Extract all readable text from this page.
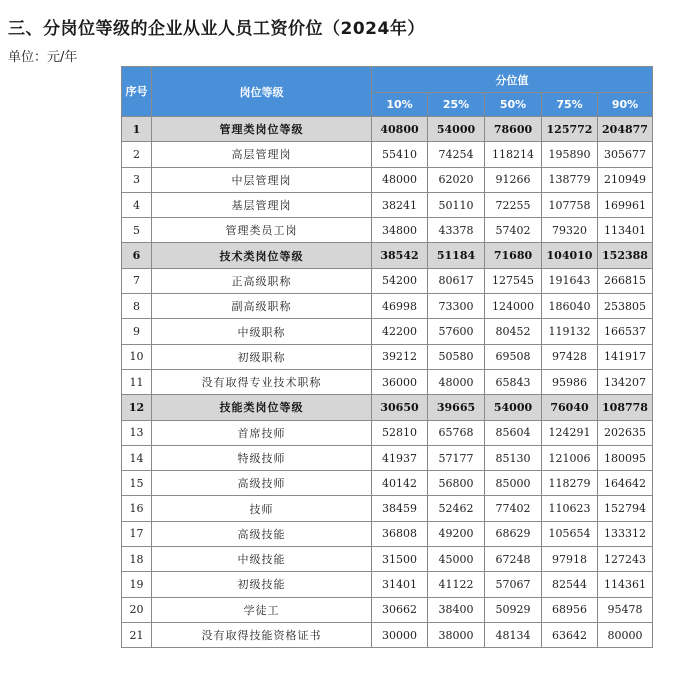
三、分岗位等级的企业从业人员工资价位（2024年）
单位：元/年
序号	岗位等级	分位值				
		10%	25%	50%	75%	90%
1	管理类岗位等级	40800	54000	78600	125772	204877
2	高层管理岗	55410	74254	118214	195890	305677
3	中层管理岗	48000	62020	91266	138779	210949
4	基层管理岗	38241	50110	72255	107758	169961
5	管理类员工岗	34800	43378	57402	79320	113401
6	技术类岗位等级	38542	51184	71680	104010	152388
7	正高级职称	54200	80617	127545	191643	266815
8	副高级职称	46998	73300	124000	186040	253805
9	中级职称	42200	57600	80452	119132	166537
10	初级职称	39212	50580	69508	97428	141917
11	没有取得专业技术职称	36000	48000	65843	95986	134207
12	技能类岗位等级	30650	39665	54000	76040	108778
13	首席技师	52810	65768	85604	124291	202635
14	特级技师	41937	57177	85130	121006	180095
15	高级技师	40142	56800	85000	118279	164642
16	技师	38459	52462	77402	110623	152794
17	高级技能	36808	49200	68629	105654	133312
18	中级技能	31500	45000	67248	97918	127243
19	初级技能	31401	41122	57067	82544	114361
20	学徒工	30662	38400	50929	68956	95478
21	没有取得技能资格证书	30000	38000	48134	63642	80000
